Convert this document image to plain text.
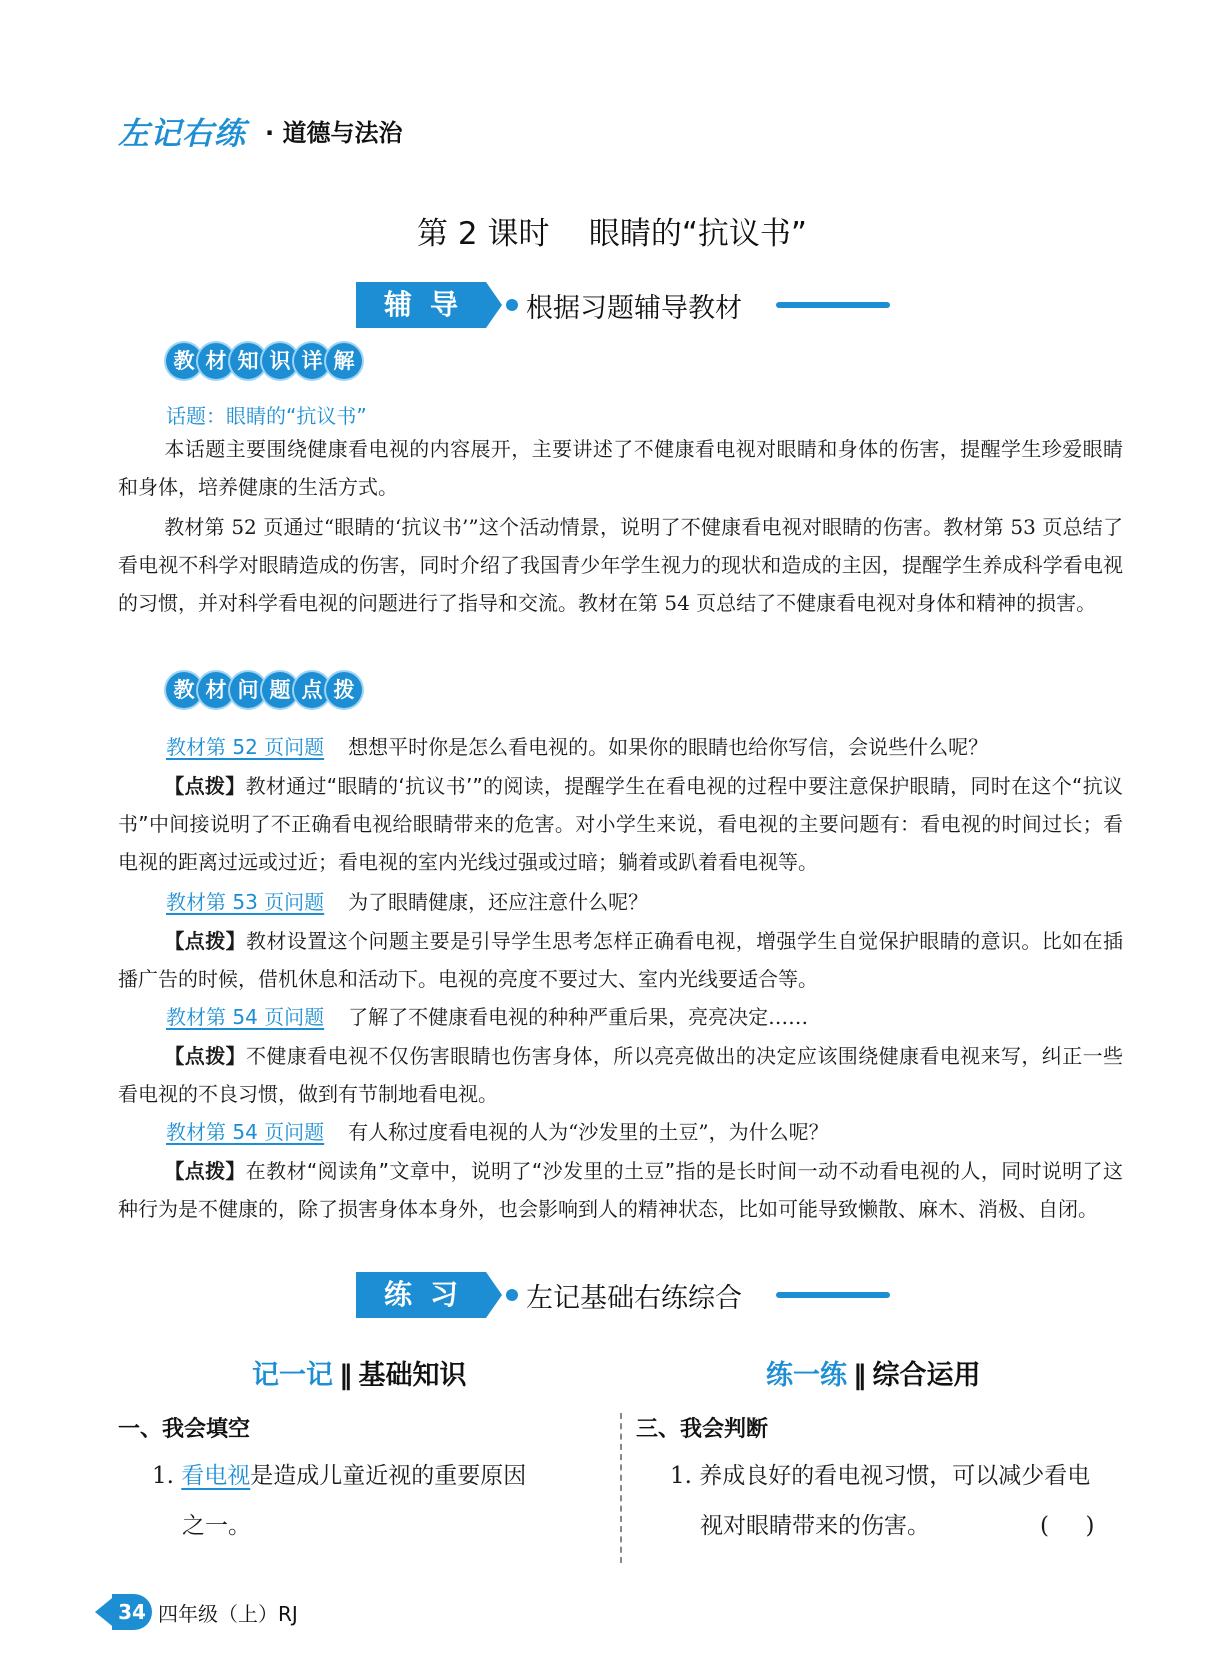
左记右练 · 道德与法治
第 2 课时    眼睛的“抗议书”
辅导	根据习题辅导教材
教 材 知 识 详 解
话题：眼睛的“抗议书”
本话题主要围绕健康看电视的内容展开，主要讲述了不健康看电视对眼睛和身体的伤害，提醒学生珍爱眼睛和身体，培养健康的生活方式。
教材第 52 页通过“眼睛的‘抗议书’”这个活动情景，说明了不健康看电视对眼睛的伤害。教材第 53 页总结了看电视不科学对眼睛造成的伤害，同时介绍了我国青少年学生视力的现状和造成的主因，提醒学生养成科学看电视的习惯，并对科学看电视的问题进行了指导和交流。教材在第 54 页总结了不健康看电视对身体和精神的损害。
教 材 问 题 点 拨
教材第 52 页问题 想想平时你是怎么看电视的。如果你的眼睛也给你写信，会说些什么呢？
【点拨】教材通过“眼睛的‘抗议书’”的阅读，提醒学生在看电视的过程中要注意保护眼睛，同时在这个“抗议书”中间接说明了不正确看电视给眼睛带来的危害。对小学生来说，看电视的主要问题有：看电视的时间过长；看电视的距离过远或过近；看电视的室内光线过强或过暗；躺着或趴着看电视等。
教材第 53 页问题 为了眼睛健康，还应注意什么呢？
【点拨】教材设置这个问题主要是引导学生思考怎样正确看电视，增强学生自觉保护眼睛的意识。比如在插播广告的时候，借机休息和活动下。电视的亮度不要过大、室内光线要适合等。
教材第 54 页问题 了解了不健康看电视的种种严重后果，亮亮决定……
【点拨】不健康看电视不仅伤害眼睛也伤害身体，所以亮亮做出的决定应该围绕健康看电视来写，纠正一些看电视的不良习惯，做到有节制地看电视。
教材第 54 页问题 有人称过度看电视的人为“沙发里的土豆”，为什么呢？
【点拨】在教材“阅读角”文章中，说明了“沙发里的土豆”指的是长时间一动不动看电视的人，同时说明了这种行为是不健康的，除了损害身体本身外，也会影响到人的精神状态，比如可能导致懒散、麻木、消极、自闭。
练习	左记基础右练综合
记一记 ‖ 基础知识	练一练 ‖ 综合运用
一、我会填空	三、我会判断
1. 看电视是造成儿童近视的重要原因
之一。
1. 养成良好的看电视习惯，可以减少看电
视对眼睛带来的伤害。	(     )
34 四年级（上）RJ
